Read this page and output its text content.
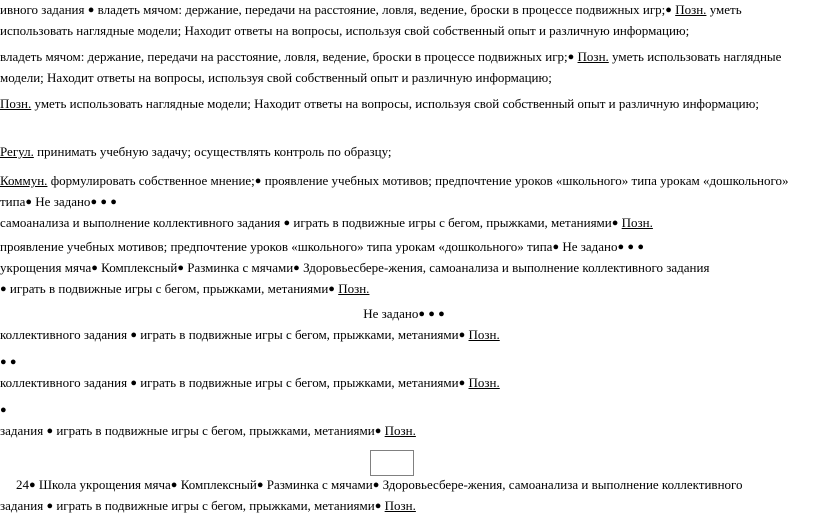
ивного задания ● владеть мячом: держание, передачи на расстояние, ловля, ведение, броски в процессе подвижных игр;● Позн. уметь использовать наглядные модели; Находит ответы на вопросы, используя свой собственный опыт и различную информацию;

владеть мячом: держание, передачи на расстояние, ловля, ведение, броски в процессе подвижных игр;● Позн. уметь использовать наглядные модели; Находит ответы на вопросы, используя свой собственный опыт и различную информацию;

Позн. уметь использовать наглядные модели; Находит ответы на вопросы, используя свой собственный опыт и различную информацию;

Регул. принимать учебную задачу; осуществлять контроль по образцу;

Коммун. формулировать собственное мнение;● проявление учебных мотивов; предпочтение уроков «школьного» типа урокам «дошкольного» типа● Не задано● ● ●
самоанализа и выполнение коллективного задания ● играть в подвижные игры с бегом, прыжками, метаниями● Позн.

проявление учебных мотивов; предпочтение уроков «школьного» типа урокам «дошкольного» типа● Не задано● ● ●
укрощения мяча● Комплексный● Разминка с мячами● Здоровьесбере-жения, самоанализа и выполнение коллективного задания
● играть в подвижные игры с бегом, прыжками, метаниями● Позн.

Не задано● ● ●
коллективного задания ● играть в подвижные игры с бегом, прыжками, метаниями● Позн.

● ●
коллективного задания ● играть в подвижные игры с бегом, прыжками, метаниями● Позн.

●
задания ● играть в подвижные игры с бегом, прыжками, метаниями● Позн.

24● Школа укрощения мяча● Комплексный● Разминка с мячами● Здоровьесбере-жения, самоанализа и выполнение коллективного
задания ● играть в подвижные игры с бегом, прыжками, метаниями● Позн.
